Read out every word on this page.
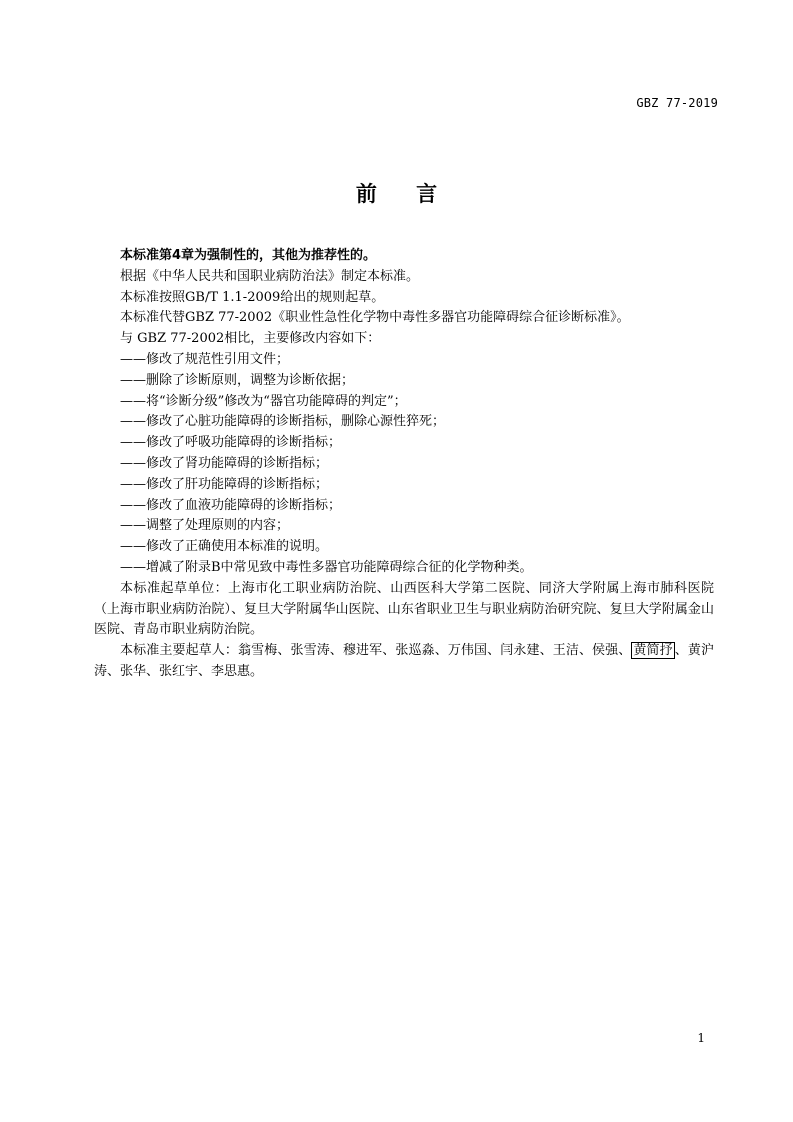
GBZ 77-2019
前 言

本标准第4章为强制性的，其他为推荐性的。

根据《中华人民共和国职业病防治法》制定本标准。

本标准按照GB/T 1.1-2009给出的规则起草。

本标准代替GBZ 77-2002《职业性急性化学物中毒性多器官功能障碍综合征诊断标准》。

与 GBZ 77-2002相比，主要修改内容如下：

——修改了规范性引用文件；

——删除了诊断原则，调整为诊断依据；

——将“诊断分级”修改为“器官功能障碍的判定”；

——修改了心脏功能障碍的诊断指标，删除心源性猝死；

——修改了呼吸功能障碍的诊断指标；

——修改了肾功能障碍的诊断指标；

——修改了肝功能障碍的诊断指标；

——修改了血液功能障碍的诊断指标；

——调整了处理原则的内容；

——修改了正确使用本标准的说明。

——增减了附录B中常见致中毒性多器官功能障碍综合征的化学物种类。

本标准起草单位：上海市化工职业病防治院、山西医科大学第二医院、同济大学附属上海市肺科医院（上海市职业病防治院）、复旦大学附属华山医院、山东省职业卫生与职业病防治研究院、复旦大学附属金山医院、青岛市职业病防治院。

本标准主要起草人：翁雪梅、张雪涛、穆进军、张巡淼、万伟国、闫永建、王洁、侯强、 黄简抒 、黄沪涛、张华、张红宇、李思惠。

1
